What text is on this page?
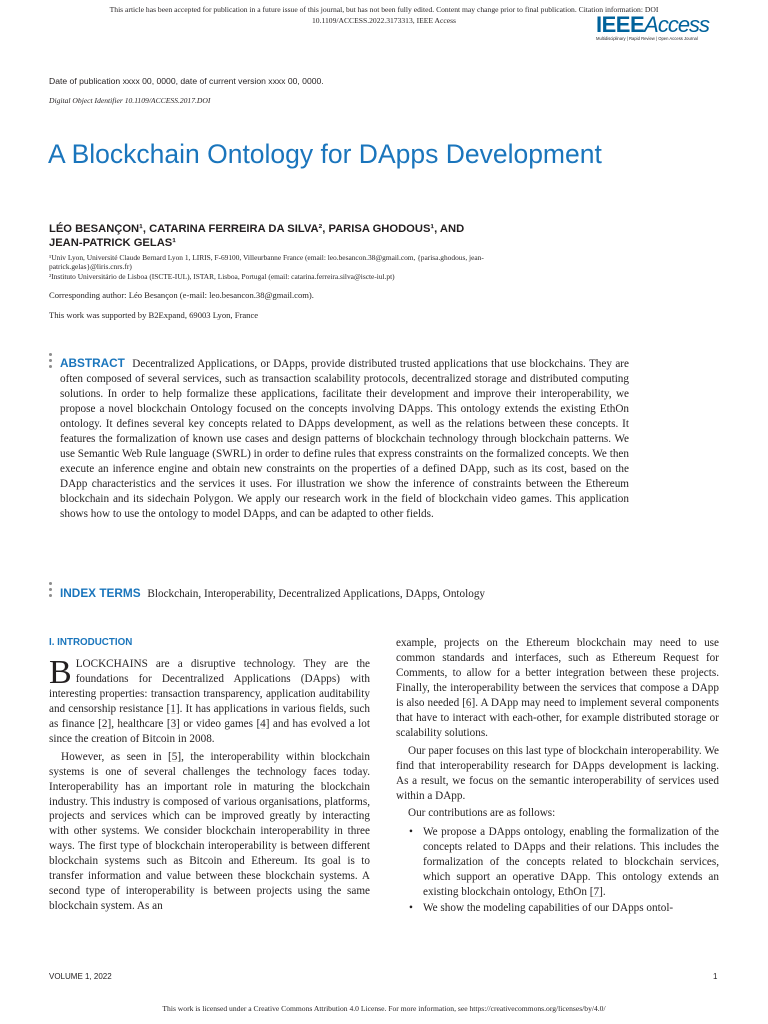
This article has been accepted for publication in a future issue of this journal, but has not been fully edited. Content may change prior to final publication. Citation information: DOI
10.1109/ACCESS.2022.3173313, IEEE Access	IEEEAccess
Multidisciplinary | Rapid Review | Open Access Journal
Date of publication xxxx 00, 0000, date of current version xxxx 00, 0000.
Digital Object Identifier 10.1109/ACCESS.2017.DOI
A Blockchain Ontology for DApps Development
LÉO BESANÇON¹, CATARINA FERREIRA DA SILVA², PARISA GHODOUS¹, AND
JEAN-PATRICK GELAS¹
¹Univ Lyon, Université Claude Bernard Lyon 1, LIRIS, F-69100, Villeurbanne France (email: leo.besancon.38@gmail.com, {parisa.ghodous, jean-patrick.gelas}@liris.cnrs.fr)
²Instituto Universitário de Lisboa (ISCTE-IUL), ISTAR, Lisboa, Portugal (email: catarina.ferreira.silva@iscte-iul.pt)
Corresponding author: Léo Besançon (e-mail: leo.besancon.38@gmail.com).
This work was supported by B2Expand, 69003 Lyon, France
ABSTRACT Decentralized Applications, or DApps, provide distributed trusted applications that use blockchains. They are often composed of several services, such as transaction scalability protocols, decentralized storage and distributed computing solutions. In order to help formalize these applications, facilitate their development and improve their interoperability, we propose a novel blockchain Ontology focused on the concepts involving DApps. This ontology extends the existing EthOn ontology. It defines several key concepts related to DApps development, as well as the relations between these concepts. It features the formalization of known use cases and design patterns of blockchain technology through blockchain patterns. We use Semantic Web Rule language (SWRL) in order to define rules that express constraints on the formalized concepts. We then execute an inference engine and obtain new constraints on the properties of a defined DApp, such as its cost, based on the DApp characteristics and the services it uses. For illustration we show the inference of constraints between the Ethereum blockchain and its sidechain Polygon. We apply our research work in the field of blockchain video games. This application shows how to use the ontology to model DApps, and can be adapted to other fields.
INDEX TERMS Blockchain, Interoperability, Decentralized Applications, DApps, Ontology
I. INTRODUCTION

BLOCKCHAINS are a disruptive technology. They are the foundations for Decentralized Applications (DApps) with interesting properties: transaction transparency, application auditability and censorship resistance [1]. It has applications in various fields, such as finance [2], healthcare [3] or video games [4] and has evolved a lot since the creation of Bitcoin in 2008.

However, as seen in [5], the interoperability within blockchain systems is one of several challenges the technology faces today. Interoperability has an important role in maturing the blockchain industry. This industry is composed of various organisations, platforms, projects and services which can be improved greatly by interacting with other systems. We consider blockchain interoperability in three ways. The first type of blockchain interoperability is between different blockchain systems such as Bitcoin and Ethereum. Its goal is to transfer information and value between these blockchain systems. A second type of interoperability is between projects using the same blockchain system. As an

example, projects on the Ethereum blockchain may need to use common standards and interfaces, such as Ethereum Request for Comments, to allow for a better integration between these projects. Finally, the interoperability between the services that compose a DApp is also needed [6]. A DApp may need to implement several components that have to interact with each-other, for example distributed storage or scalability solutions.

Our paper focuses on this last type of blockchain interoperability. We find that interoperability research for DApps development is lacking. As a result, we focus on the semantic interoperability of services used within a DApp.

Our contributions are as follows:

• We propose a DApps ontology, enabling the formalization of the concepts related to DApps and their relations. This includes the formalization of the concepts related to blockchain services, which support an operative DApp. This ontology extends an existing blockchain ontology, EthOn [7].
• We show the modeling capabilities of our DApps ontol-
VOLUME 1, 2022	1
This work is licensed under a Creative Commons Attribution 4.0 License. For more information, see https://creativecommons.org/licenses/by/4.0/
